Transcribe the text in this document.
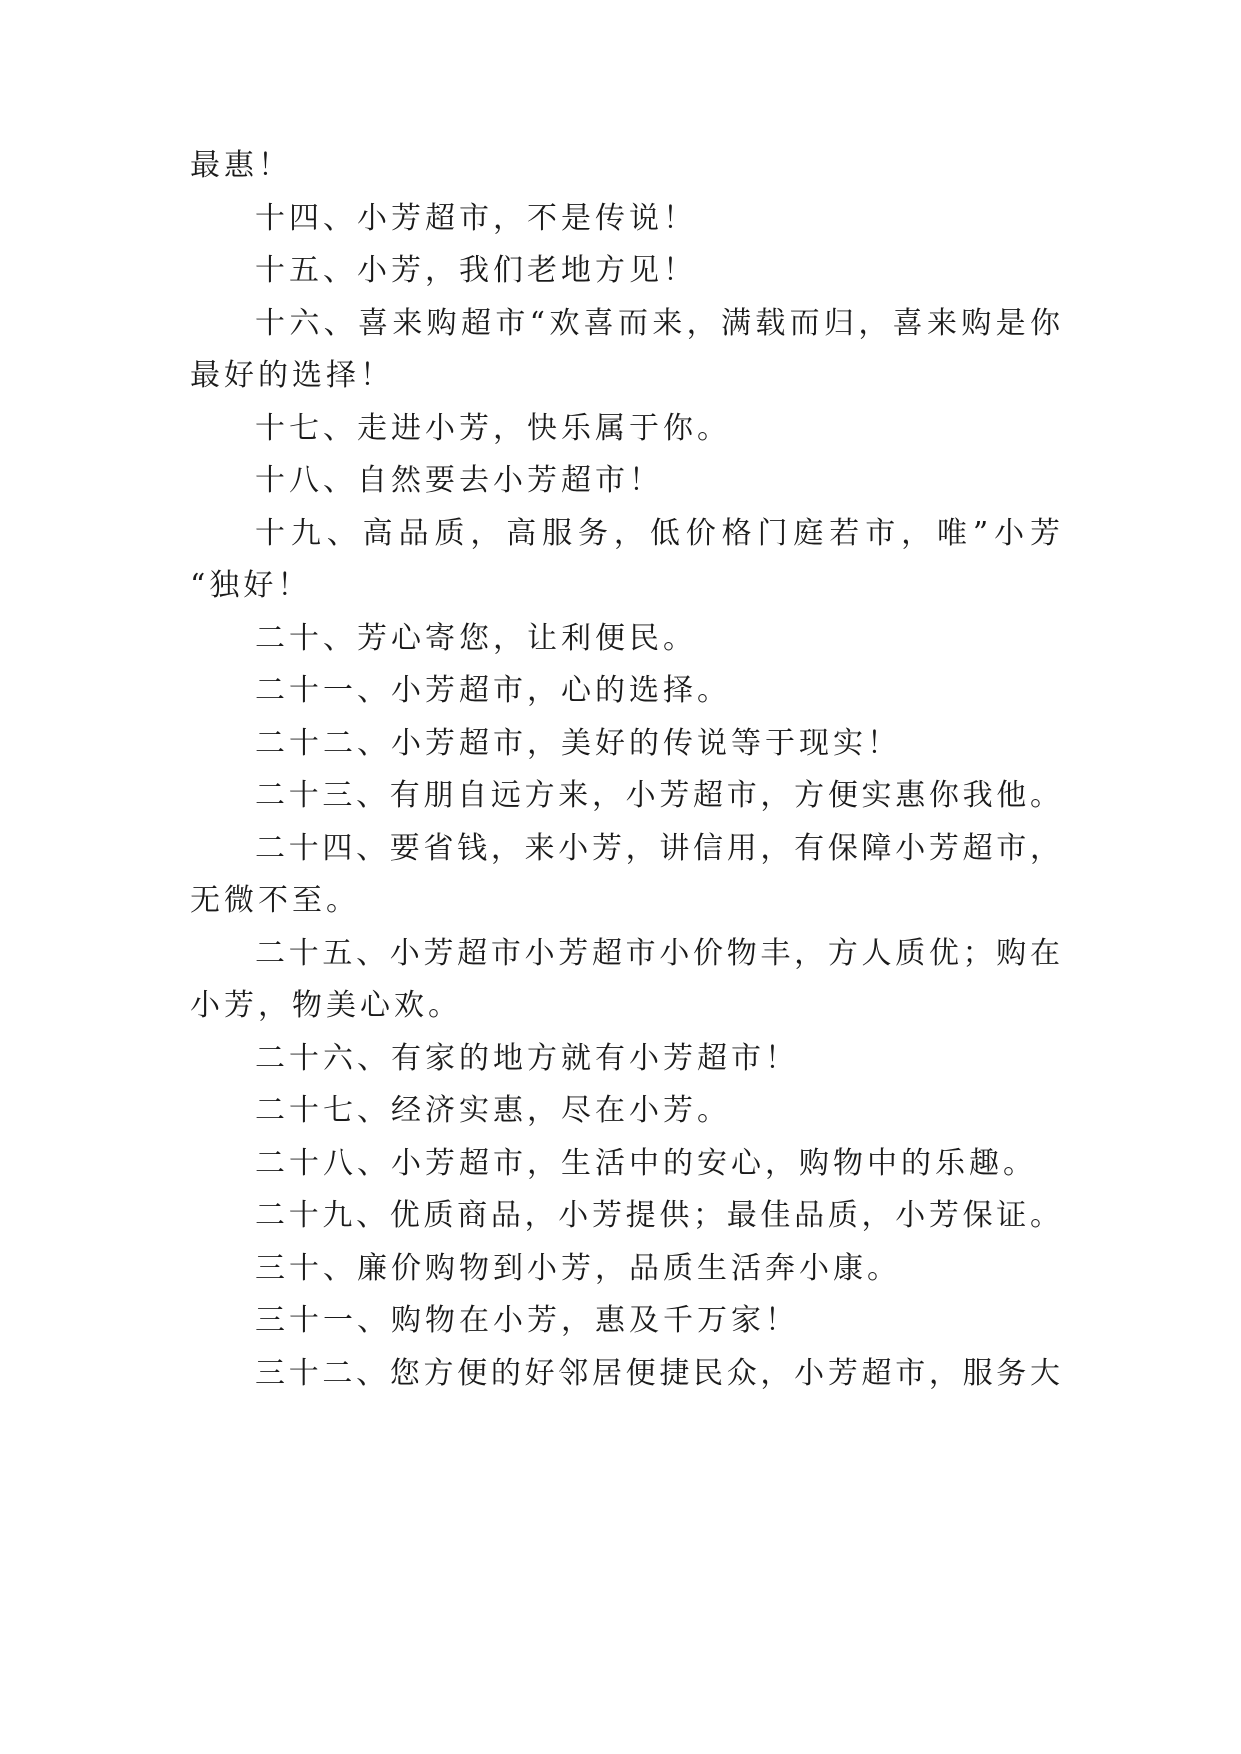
最惠！
十四、小芳超市，不是传说！
十五、小芳，我们老地方见！
十六、喜来购超市“欢喜而来，满载而归，喜来购是你
最好的选择！
十七、走进小芳，快乐属于你。
十八、自然要去小芳超市！
十九、高品质，高服务，低价格门庭若市，唯”小芳
“独好！
二十、芳心寄您，让利便民。
二十一、小芳超市，心的选择。
二十二、小芳超市，美好的传说等于现实！
二十三、有朋自远方来，小芳超市，方便实惠你我他。
二十四、要省钱，来小芳，讲信用，有保障小芳超市，
无微不至。
二十五、小芳超市小芳超市小价物丰，方人质优；购在
小芳，物美心欢。
二十六、有家的地方就有小芳超市！
二十七、经济实惠，尽在小芳。
二十八、小芳超市，生活中的安心，购物中的乐趣。
二十九、优质商品，小芳提供；最佳品质，小芳保证。
三十、廉价购物到小芳，品质生活奔小康。
三十一、购物在小芳，惠及千万家！
三十二、您方便的好邻居便捷民众，小芳超市，服务大
